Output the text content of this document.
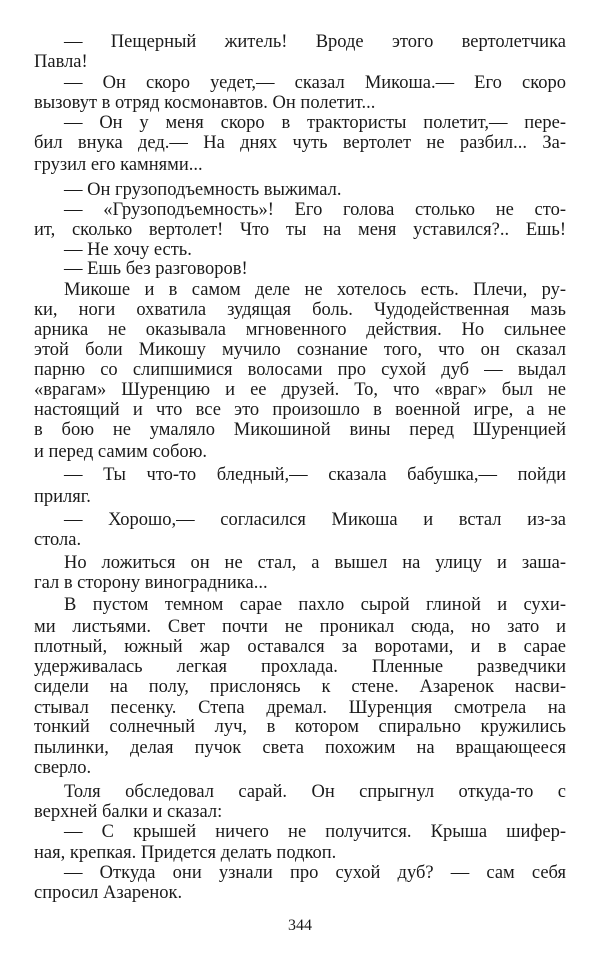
— Пещерный житель! Вроде этого вертолетчика
Павла!
— Он скоро уедет,— сказал Микоша.— Его скоро
вызовут в отряд космонавтов. Он полетит...
— Он у меня скоро в трактористы полетит,— пере-
бил внука дед.— На днях чуть вертолет не разбил... За-
грузил его камнями...
— Он грузоподъемность выжимал.
— «Грузоподъемность»! Его голова столько не сто-
ит, сколько вертолет! Что ты на меня уставился?.. Ешь!
— Не хочу есть.
— Ешь без разговоров!
Микоше и в самом деле не хотелось есть. Плечи, ру-
ки, ноги охватила зудящая боль. Чудодейственная мазь
арника не оказывала мгновенного действия. Но сильнее
этой боли Микошу мучило сознание того, что он сказал
парню со слипшимися волосами про сухой дуб — выдал
«врагам» Шуренцию и ее друзей. То, что «враг» был не
настоящий и что все это произошло в военной игре, а не
в бою не умаляло Микошиной вины перед Шуренцией
и перед самим собою.
— Ты что-то бледный,— сказала бабушка,— пойди
приляг.
— Хорошо,— согласился Микоша и встал из-за
стола.
Но ложиться он не стал, а вышел на улицу и заша-
гал в сторону виноградника...
В пустом темном сарае пахло сырой глиной и сухи-
ми листьями. Свет почти не проникал сюда, но зато и
плотный, южный жар оставался за воротами, и в сарае
удерживалась легкая прохлада. Пленные разведчики
сидели на полу, прислонясь к стене. Азаренок насви-
стывал песенку. Степа дремал. Шуренция смотрела на
тонкий солнечный луч, в котором спирально кружились
пылинки, делая пучок света похожим на вращающееся
сверло.
Толя обследовал сарай. Он спрыгнул откуда-то с
верхней балки и сказал:
— С крышей ничего не получится. Крыша шифер-
ная, крепкая. Придется делать подкоп.
— Откуда они узнали про сухой дуб? — сам себя
спросил Азаренок.
344
